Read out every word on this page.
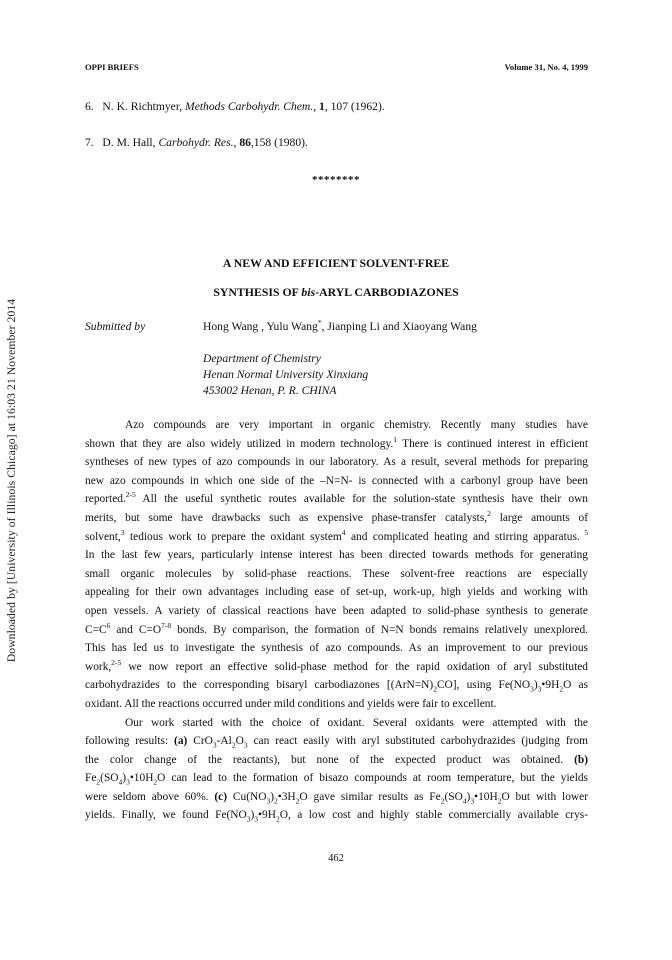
Downloaded by [University of Illinois Chicago] at 16:03 21 November 2014
OPPI BRIEFS	Volume 31, No. 4, 1999
6. N. K. Richtmyer, Methods Carbohydr. Chem., 1, 107 (1962).
7. D. M. Hall, Carbohydr. Res., 86,158 (1980).
********
A NEW AND EFFICIENT SOLVENT-FREE
SYNTHESIS OF bis-ARYL CARBODIAZONES
Submitted by	Hong Wang , Yulu Wang*, Jianping Li and Xiaoyang Wang
Department of Chemistry
Henan Normal University Xinxiang
453002 Henan, P. R. CHINA
Azo compounds are very important in organic chemistry. Recently many studies have
shown that they are also widely utilized in modern technology.$^1$ There is continued interest in efficient
syntheses of new types of azo compounds in our laboratory. As a result, several methods for preparing
new azo compounds in which one side of the –N=N- is connected with a carbonyl group have been
reported.$^{2-5}$ All the useful synthetic routes available for the solution-state synthesis have their own
merits, but some have drawbacks such as expensive phase-transfer catalysts,$^2$ large amounts of
solvent,$^3$ tedious work to prepare the oxidant system$^4$ and complicated heating and stirring apparatus. $^5$
In the last few years, particularly intense interest has been directed towards methods for generating
small organic molecules by solid-phase reactions. These solvent-free reactions are especially
appealing for their own advantages including ease of set-up, work-up, high yields and working with
open vessels. A variety of classical reactions have been adapted to solid-phase synthesis to generate
$C=C^6$ and $C=O^{7-8}$ bonds. By comparison, the formation of N=N bonds remains relatively unexplored.
This has led us to investigate the synthesis of azo compounds. As an improvement to our previous
work,$^{2-5}$ we now report an effective solid-phase method for the rapid oxidation of aryl substituted
carbohydrazides to the corresponding bisaryl carbodiazones $[(ArN=N)_2CO]$, using $Fe(NO_3)_3•9H_2O$ as
oxidant. All the reactions occurred under mild conditions and yields were fair to excellent.
Our work started with the choice of oxidant. Several oxidants were attempted with the
following results: (a) $CrO_3-Al_2O_3$ can react easily with aryl substituted carbohydrazides (judging from
the color change of the reactants), but none of the expected product was obtained. (b)
$Fe_2(SO_4)_3•10H_2O$ can lead to the formation of bisazo compounds at room temperature, but the yields
were seldom above 60%. (c) $Cu(NO_3)_2•3H_2O$ gave similar results as $Fe_2(SO_4)_3•10H_2O$ but with lower
yields. Finally, we found $Fe(NO_3)_3•9H_2O$, a low cost and highly stable commercially available crys-
462
